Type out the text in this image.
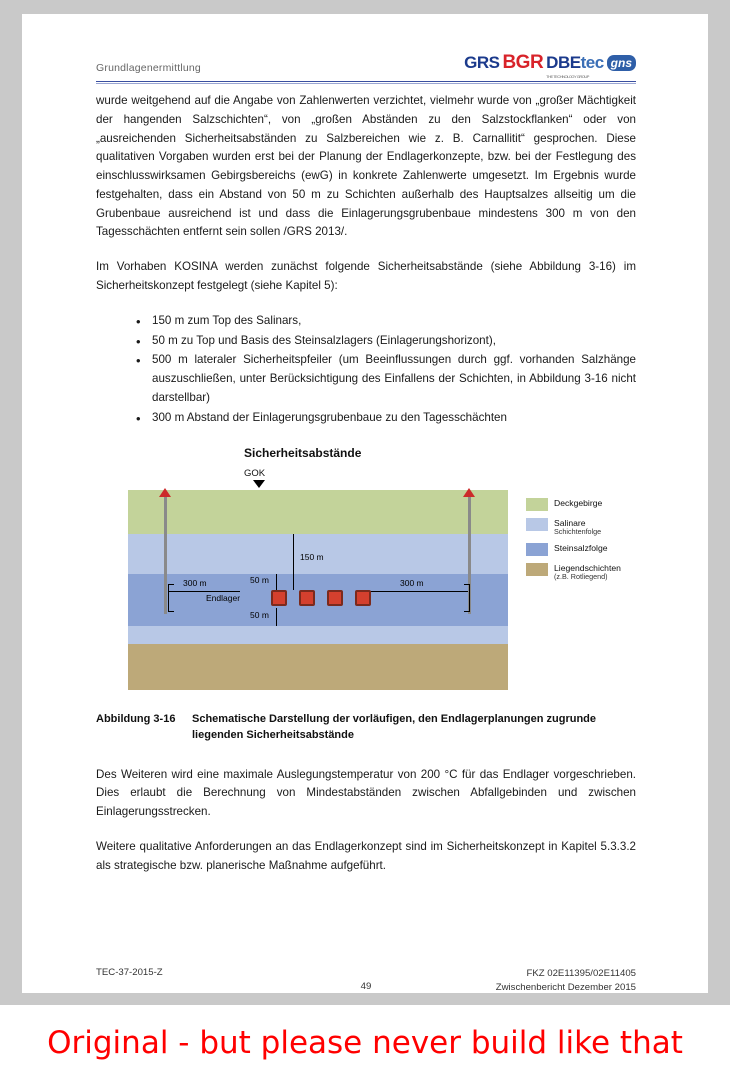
Grundlagenermittlung	GRS BGR DBEtec
THE TECHNOLOGY GROUP
gns

wurde weitgehend auf die Angabe von Zahlenwerten verzichtet, vielmehr wurde von „großer Mächtigkeit der hangenden Salzschichten“, von „großen Abständen zu den Salzstockflanken“ oder von „ausreichenden Sicherheitsabständen zu Salzbereichen wie z. B. Carnallitit“ gesprochen. Diese qualitativen Vorgaben wurden erst bei der Planung der Endlagerkonzepte, bzw. bei der Festlegung des einschlusswirksamen Gebirgsbereichs (ewG) in konkrete Zahlenwerte umgesetzt. Im Ergebnis wurde festgehalten, dass ein Abstand von 50 m zu Schichten außerhalb des Hauptsalzes allseitig um die Grubenbaue ausreichend ist und dass die Einlagerungsgrubenbaue mindestens 300 m von den Tagesschächten entfernt sein sollen /GRS 2013/.

Im Vorhaben KOSINA werden zunächst folgende Sicherheitsabstände (siehe Abbildung 3-16) im Sicherheitskonzept festgelegt (siehe Kapitel 5):

• 150 m zum Top des Salinars,
• 50 m zu Top und Basis des Steinsalzlagers (Einlagerungshorizont),
• 500 m lateraler Sicherheitspfeiler (um Beeinflussungen durch ggf. vorhanden Salzhänge auszuschließen, unter Berücksichtigung des Einfallens der Schichten, in Abbildung 3-16 nicht darstellbar)
• 300 m Abstand der Einlagerungsgrubenbaue zu den Tagesschächten
Sicherheitsabstände
GOK
150 m
50 m
50 m
300 m	300 m
Endlager
Deckgebirge
Salinare
Schichtenfolge
Steinsalzfolge
Liegendschichten
(z.B. Rotliegend)
Abbildung 3-16	Schematische Darstellung der vorläufigen, den Endlagerplanungen zugrunde liegenden Sicherheitsabstände

Des Weiteren wird eine maximale Auslegungstemperatur von 200 °C für das Endlager vorgeschrieben. Dies erlaubt die Berechnung von Mindestabständen zwischen Abfallgebinden und zwischen Einlagerungsstrecken.

Weitere qualitative Anforderungen an das Endlagerkonzept sind im Sicherheitskonzept in Kapitel 5.3.3.2 als strategische bzw. planerische Maßnahme aufgeführt.

TEC-37-2015-Z
49
FKZ 02E11395/02E11405
Zwischenbericht Dezember 2015
Original - but please never build like that
